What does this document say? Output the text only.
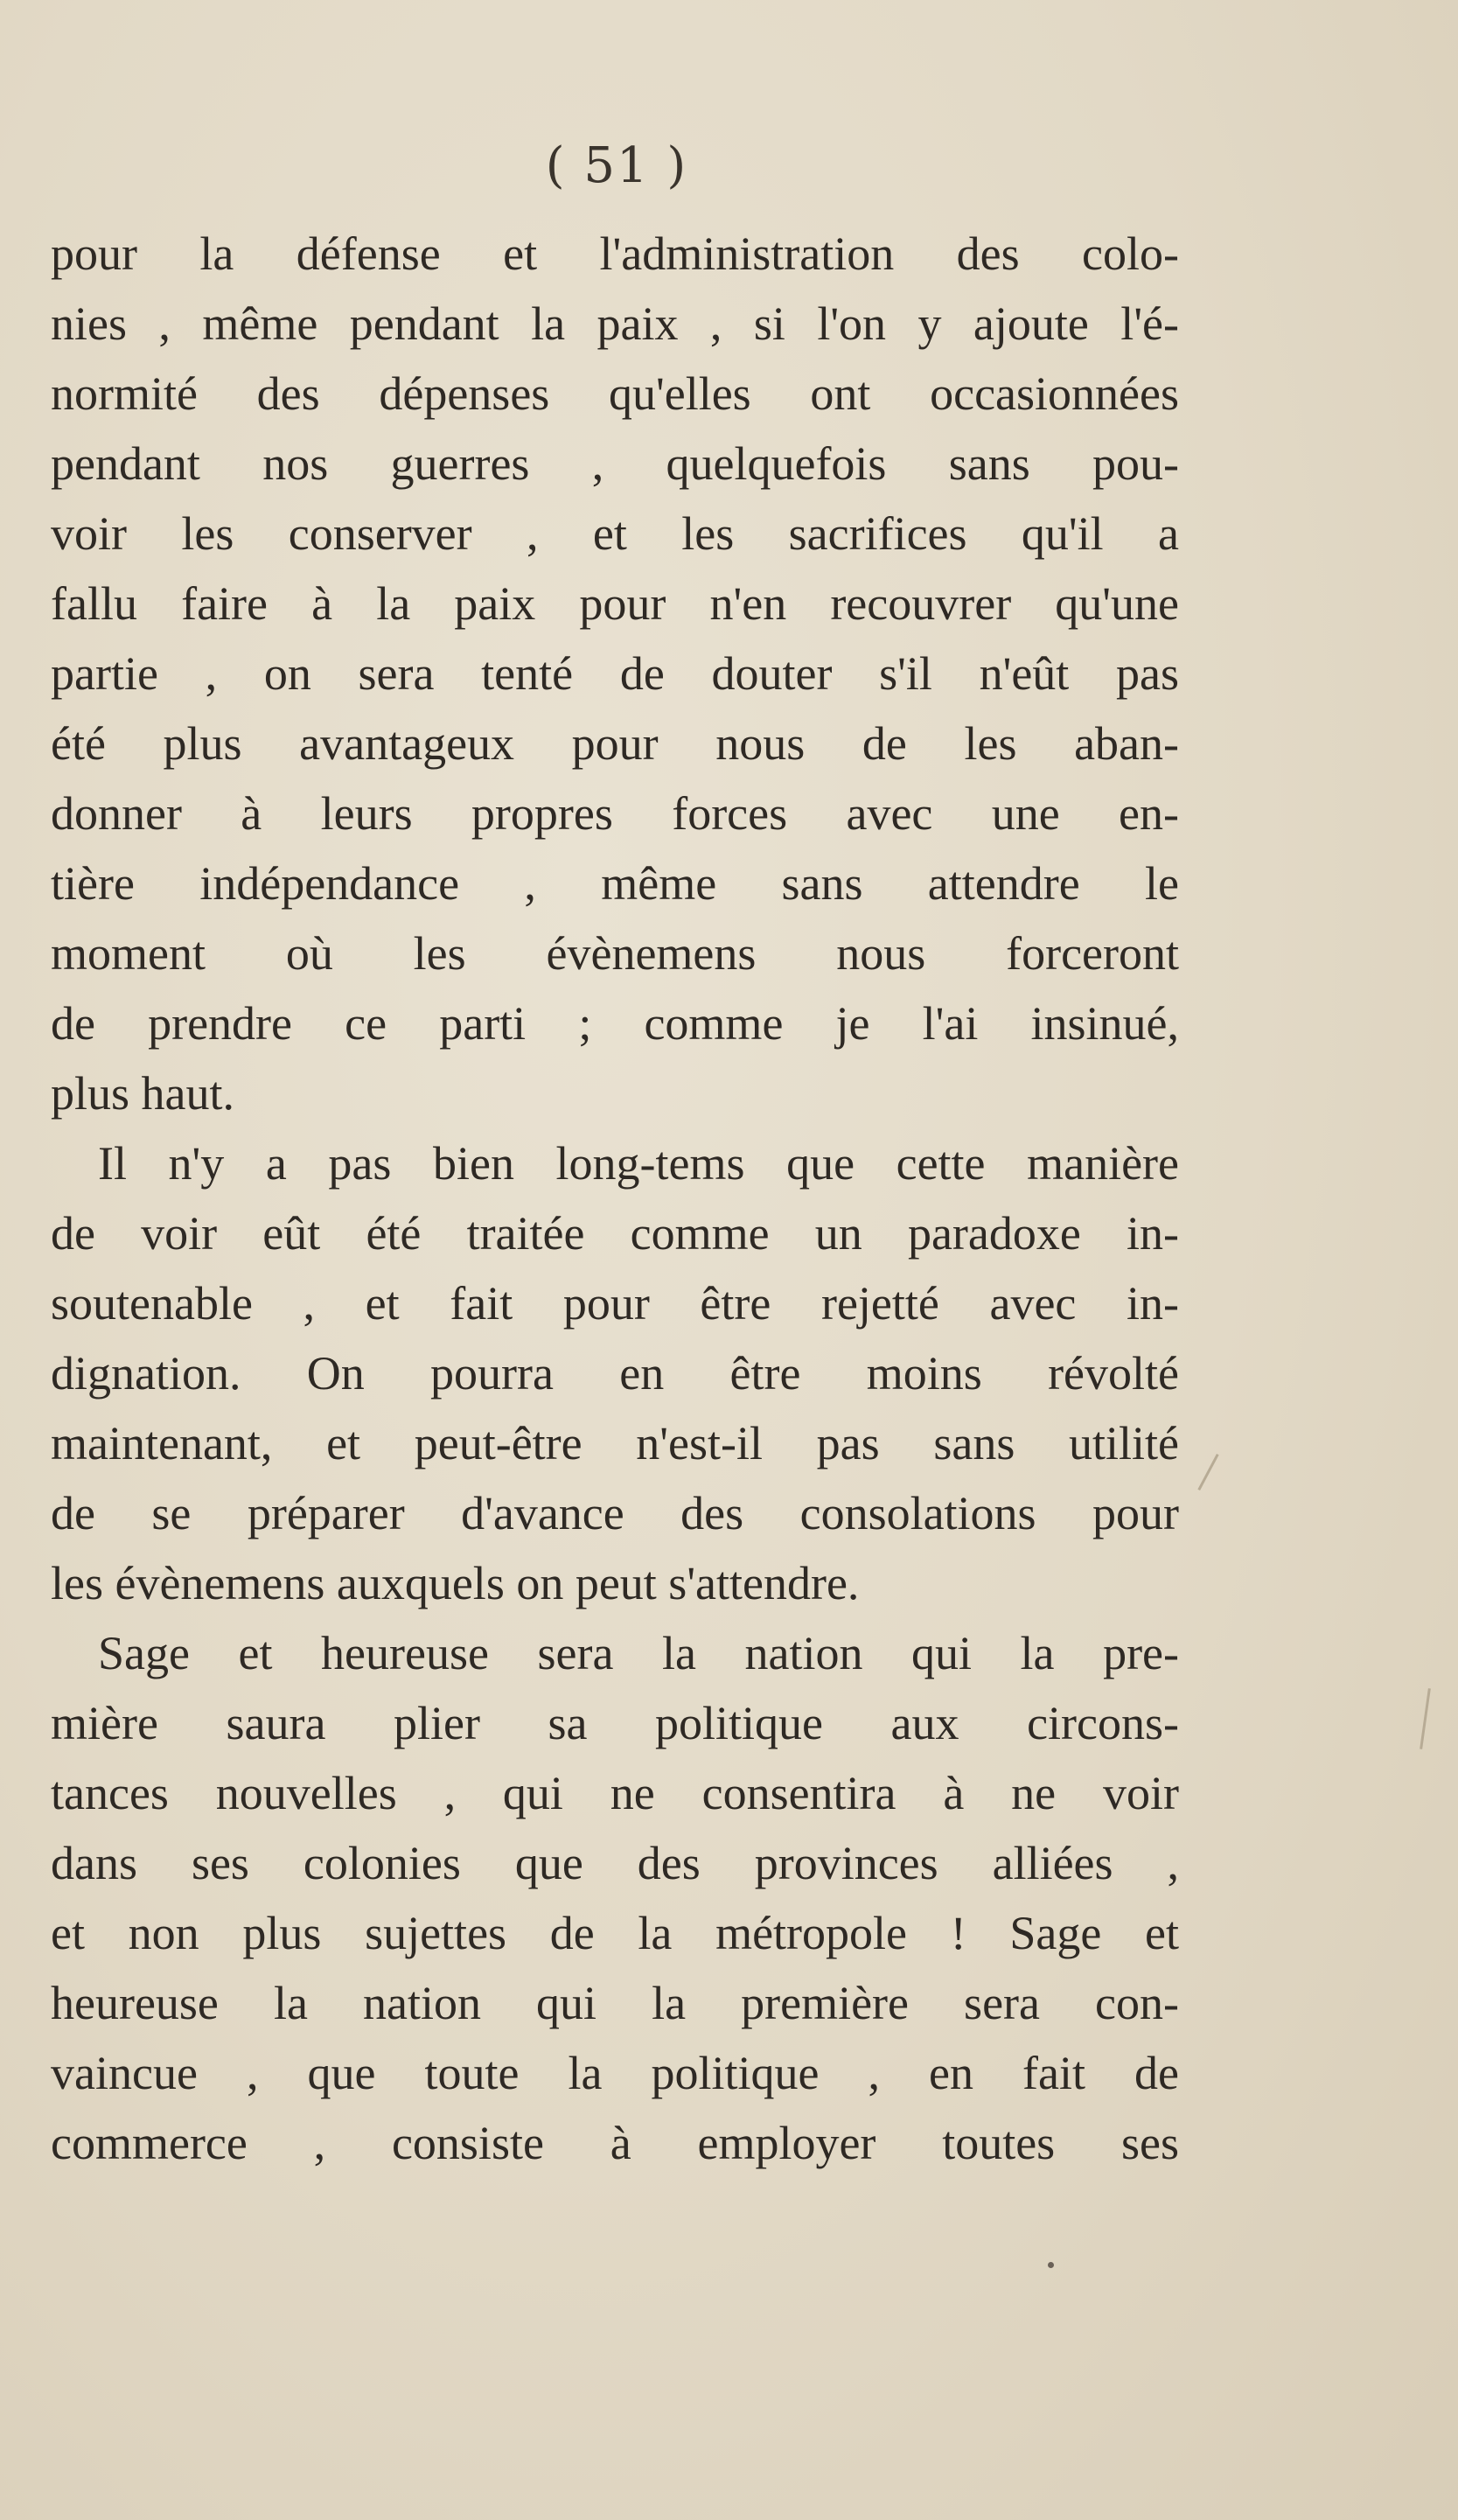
( 51 )
pour la défense et l'administration des colo-
nies , même pendant la paix , si l'on y ajoute l'é-
normité des dépenses qu'elles ont occasionnées
pendant nos guerres , quelquefois sans pou-
voir les conserver , et les sacrifices qu'il a
fallu faire à la paix pour n'en recouvrer qu'une
partie , on sera tenté de douter s'il n'eût pas
été plus avantageux pour nous de les aban-
donner à leurs propres forces avec une en-
tière indépendance , même sans attendre le
moment où les évènemens nous forceront
de prendre ce parti ; comme je l'ai insinué,
plus haut.
Il n'y a pas bien long-tems que cette manière
de voir eût été traitée comme un paradoxe in-
soutenable , et fait pour être rejetté avec in-
dignation. On pourra en être moins révolté
maintenant, et peut-être n'est-il pas sans utilité
de se préparer d'avance des consolations pour
les évènemens auxquels on peut s'attendre.
Sage et heureuse sera la nation qui la pre-
mière saura plier sa politique aux circons-
tances nouvelles , qui ne consentira à ne voir
dans ses colonies que des provinces alliées ,
et non plus sujettes de la métropole ! Sage et
heureuse la nation qui la première sera con-
vaincue , que toute la politique , en fait de
commerce , consiste à employer toutes ses
